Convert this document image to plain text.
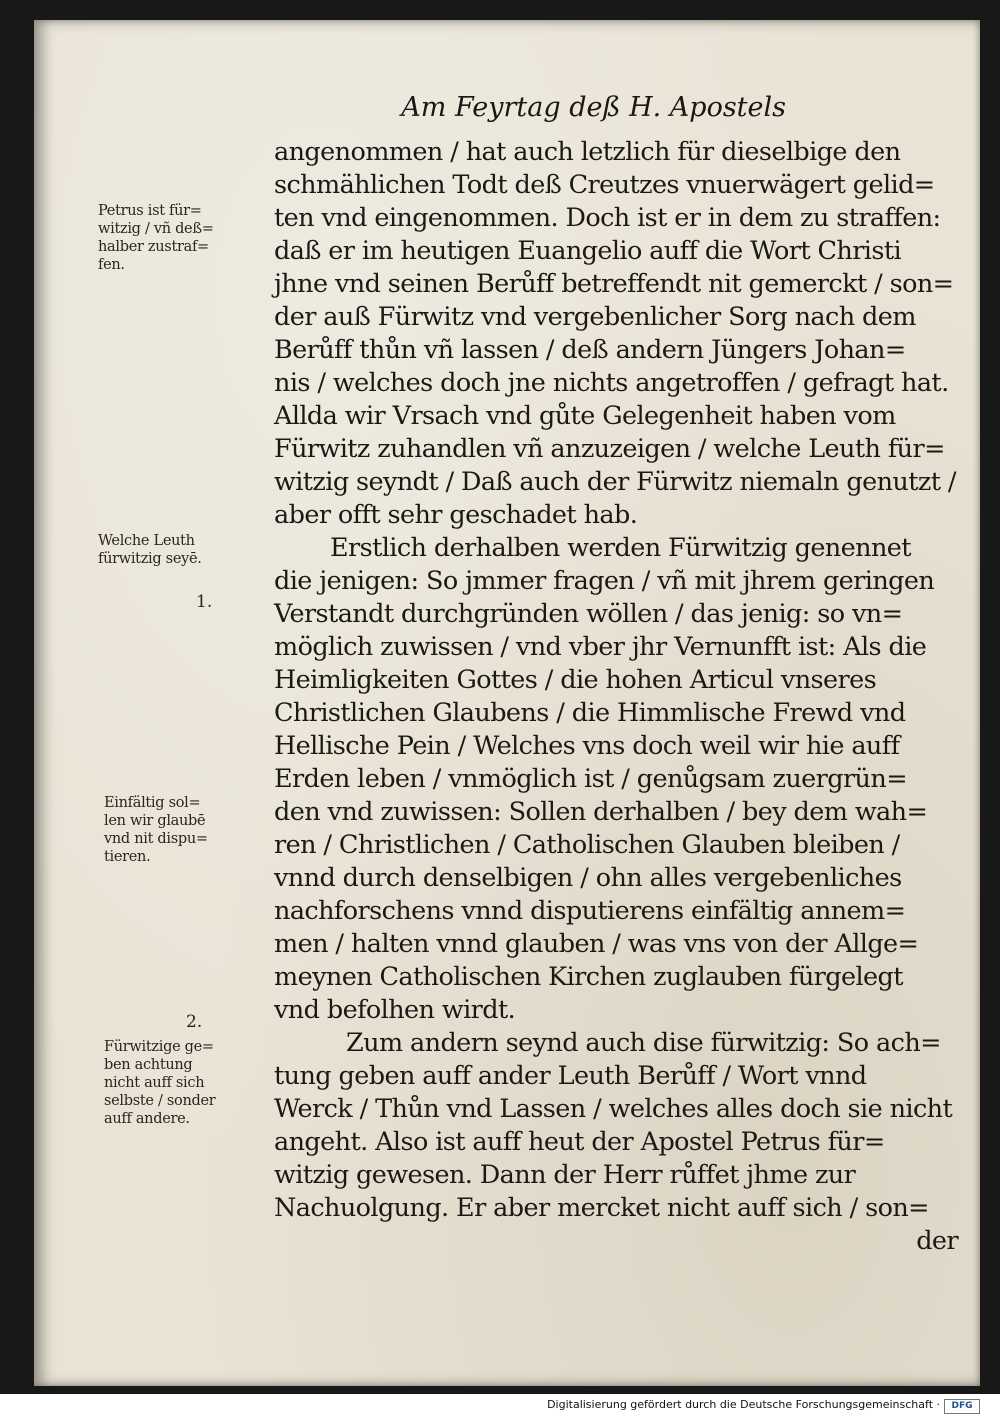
Am Feyrtag deß H. Apostels
angenommen / hat auch letzlich für dieselbige den
schmählichen Todt deß Creutzes vnuerwägert gelid=
ten vnd eingenommen. Doch ist er in dem zu straffen:
daß er im heutigen Euangelio auff die Wort Christi
jhne vnd seinen Berůff betreffendt nit gemerckt / son=
der auß Fürwitz vnd vergebenlicher Sorg nach dem
Berůff thůn vñ lassen / deß andern Jüngers Johan=
nis / welches doch jne nichts angetroffen / gefragt hat.
Allda wir Vrsach vnd gůte Gelegenheit haben vom
Fürwitz zuhandlen vñ anzuzeigen / welche Leuth für=
witzig seyndt / Daß auch der Fürwitz niemaln genutzt /
aber offt sehr geschadet hab.
Erstlich derhalben werden Fürwitzig genennet
die jenigen: So jmmer fragen / vñ mit jhrem geringen
Verstandt durchgründen wöllen / das jenig: so vn=
möglich zuwissen / vnd vber jhr Vernunfft ist: Als die
Heimligkeiten Gottes / die hohen Articul vnseres
Christlichen Glaubens / die Himmlische Frewd vnd
Hellische Pein / Welches vns doch weil wir hie auff
Erden leben / vnmöglich ist / genůgsam zuergrün=
den vnd zuwissen: Sollen derhalben / bey dem wah=
ren / Christlichen / Catholischen Glauben bleiben /
vnnd durch denselbigen / ohn alles vergebenliches
nachforschens vnnd disputierens einfältig annem=
men / halten vnnd glauben / was vns von der Allge=
meynen Catholischen Kirchen zuglauben fürgelegt
vnd befolhen wirdt.
Zum andern seynd auch dise fürwitzig: So ach=
tung geben auff ander Leuth Berůff / Wort vnnd
Werck / Thůn vnd Lassen / welches alles doch sie nicht
angeht. Also ist auff heut der Apostel Petrus für=
witzig gewesen. Dann der Herr růffet jhme zur
Nachuolgung. Er aber mercket nicht auff sich / son=
der
Petrus ist für=
witzig / vñ deß=
halber zustraf=
fen.
Welche Leuth
fürwitzig seyē.
1.
Einfältig sol=
len wir glaubē
vnd nit dispu=
tieren.
2.
Fürwitzige ge=
ben achtung
nicht auff sich
selbste / sonder
auff andere.
Digitalisierung gefördert durch die Deutsche Forschungsgemeinschaft ·	DFG
